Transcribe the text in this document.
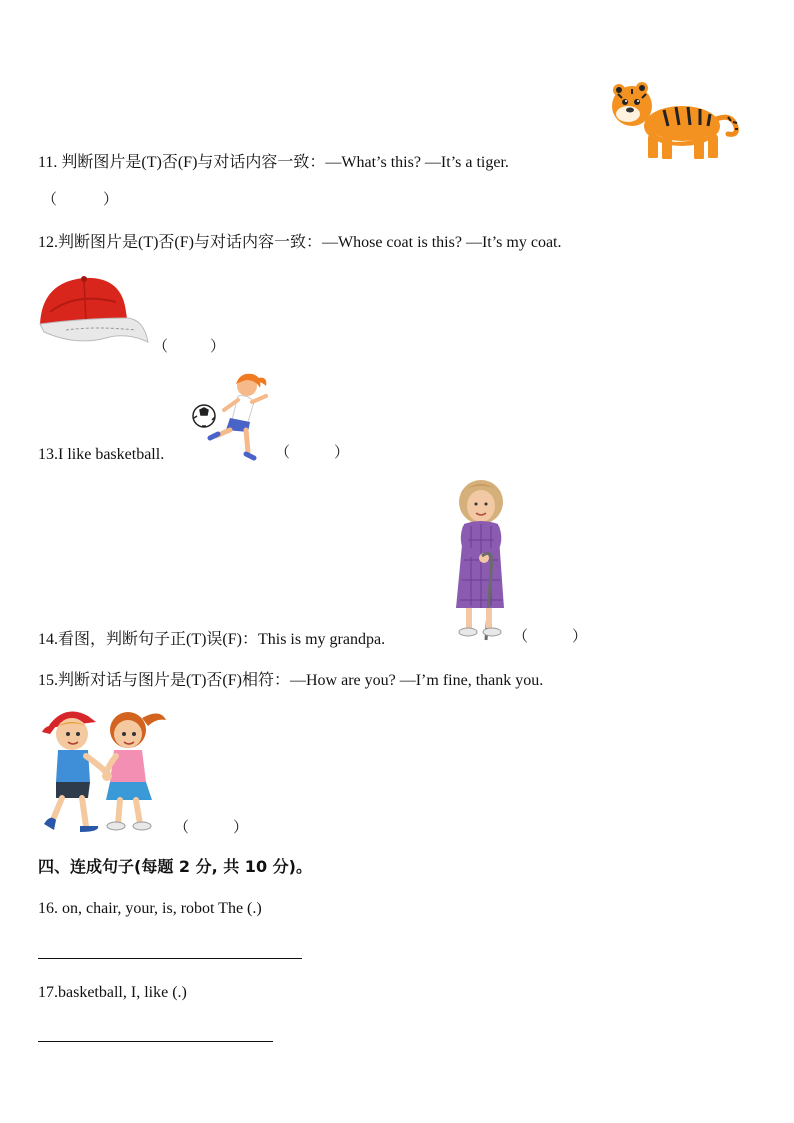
11. 判断图片是(T)否(F)与对话内容一致：—What’s this? —It’s a tiger.
（	）
12.判断图片是(T)否(F)与对话内容一致：—Whose coat is this? —It’s my coat.
（	）
13.I like basketball.	（	）
14.看图，判断句子正(T)误(F)：This is my grandpa.	（	）
15.判断对话与图片是(T)否(F)相符：—How are you? —I’m fine, thank you.
（	）
四、连成句子(每题 2 分, 共 10 分)。
16. on, chair, your, is, robot The (.)
17.basketball, I, like (.)
